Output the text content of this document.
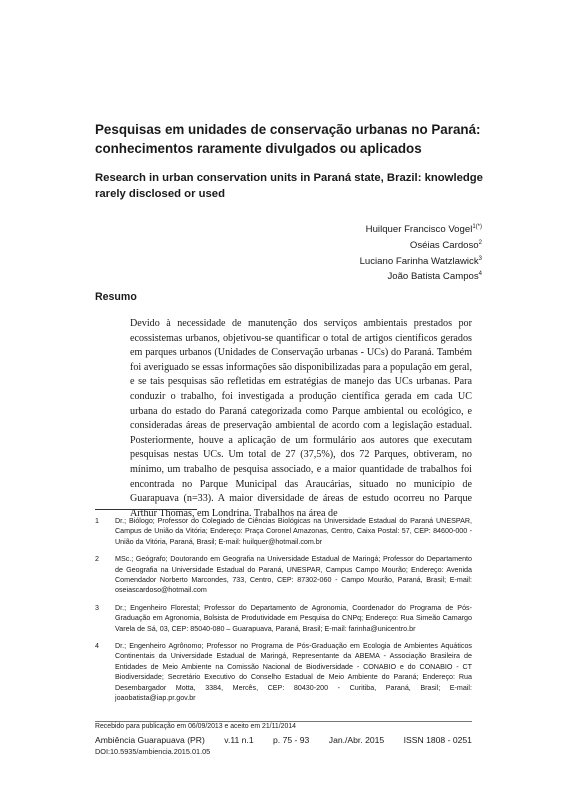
Pesquisas em unidades de conservação urbanas no Paraná: conhecimentos raramente divulgados ou aplicados
Research in urban conservation units in Paraná state, Brazil: knowledge rarely disclosed or used
Huilquer Francisco Vogel$^{1(*)}$
Oséias Cardoso$^2$
Luciano Farinha Watzlawick$^3$
João Batista Campos$^4$
Resumo
Devido à necessidade de manutenção dos serviços ambientais prestados por ecossistemas urbanos, objetivou-se quantificar o total de artigos científicos gerados em parques urbanos (Unidades de Conservação urbanas - UCs) do Paraná. Também foi averiguado se essas informações são disponibilizadas para a população em geral, e se tais pesquisas são refletidas em estratégias de manejo das UCs urbanas. Para conduzir o trabalho, foi investigada a produção científica gerada em cada UC urbana do estado do Paraná categorizada como Parque ambiental ou ecológico, e consideradas áreas de preservação ambiental de acordo com a legislação estadual. Posteriormente, houve a aplicação de um formulário aos autores que executam pesquisas nestas UCs. Um total de 27 (37,5%), dos 72 Parques, obtiveram, no mínimo, um trabalho de pesquisa associado, e a maior quantidade de trabalhos foi encontrada no Parque Municipal das Araucárias, situado no município de Guarapuava (n=33). A maior diversidade de áreas de estudo ocorreu no Parque Arthur Thomas, em Londrina. Trabalhos na área de
1	Dr.; Biólogo; Professor do Colegiado de Ciências Biológicas na Universidade Estadual do Paraná UNESPAR, Campus de União da Vitória; Endereço: Praça Coronel Amazonas, Centro, Caixa Postal: 57, CEP: 84600-000 - União da Vitória, Paraná, Brasil; E-mail: huilquer@hotmail.com.br
2	MSc.; Geógrafo; Doutorando em Geografia na Universidade Estadual de Maringá; Professor do Departamento de Geografia na Universidade Estadual do Paraná, UNESPAR, Campus Campo Mourão; Endereço: Avenida Comendador Norberto Marcondes, 733, Centro, CEP: 87302-060 - Campo Mourão, Paraná, Brasil; E-mail: oseiascardoso@hotmail.com
3	Dr.; Engenheiro Florestal; Professor do Departamento de Agronomia, Coordenador do Programa de Pós-Graduação em Agronomia, Bolsista de Produtividade em Pesquisa do CNPq; Endereço: Rua Simeão Camargo Varela de Sá, 03, CEP: 85040-080 – Guarapuava, Paraná, Brasil; E-mail: farinha@unicentro.br
4	Dr.; Engenheiro Agrônomo; Professor no Programa de Pós-Graduação em Ecologia de Ambientes Aquáticos Continentais da Universidade Estadual de Maringá, Representante da ABEMA - Associação Brasileira de Entidades de Meio Ambiente na Comissão Nacional de Biodiversidade - CONABIO e do CONABIO - CT Biodiversidade; Secretário Executivo do Conselho Estadual de Meio Ambiente do Paraná; Endereço: Rua Desembargador Motta, 3384, Mercês, CEP: 80430-200 - Curitiba, Paraná, Brasil; E-mail: joaobatista@iap.pr.gov.br
Recebido para publicação em 06/09/2013 e aceito em 21/11/2014
Ambiência Guarapuava (PR) v.11 n.1 p. 75 - 93 Jan./Abr. 2015 ISSN 1808 - 0251
DOI:10.5935/ambiencia.2015.01.05
